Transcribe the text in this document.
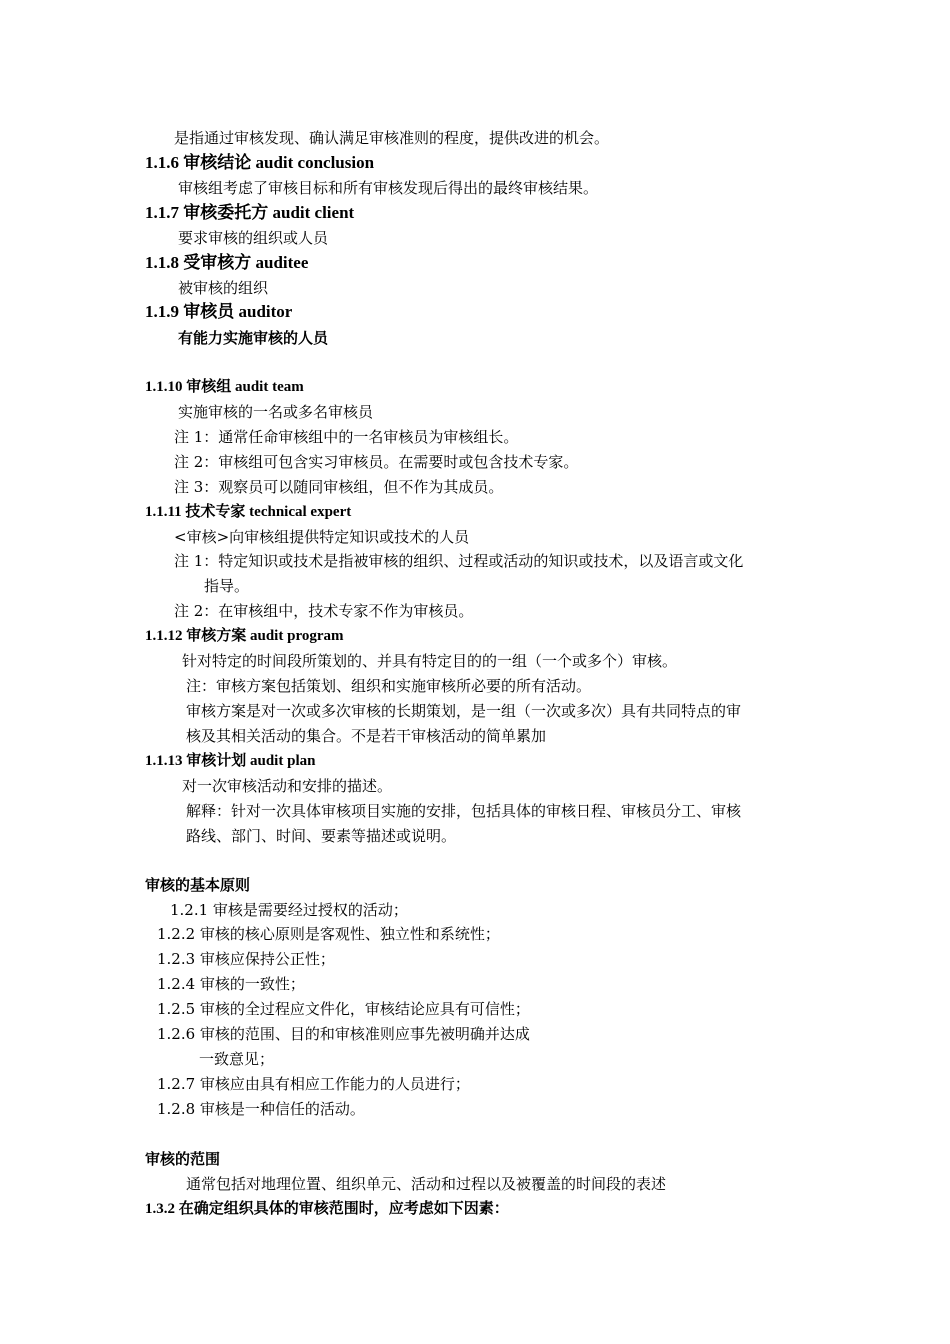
是指通过审核发现、确认满足审核准则的程度，提供改进的机会。
1.1.6 审核结论 audit conclusion
审核组考虑了审核目标和所有审核发现后得出的最终审核结果。
1.1.7 审核委托方 audit client
要求审核的组织或人员
1.1.8 受审核方 auditee
被审核的组织
1.1.9 审核员 auditor
有能力实施审核的人员
1.1.10 审核组 audit team
实施审核的一名或多名审核员
注 1：通常任命审核组中的一名审核员为审核组长。
注 2：审核组可包含实习审核员。在需要时或包含技术专家。
注 3：观察员可以随同审核组，但不作为其成员。
1.1.11 技术专家 technical expert
<审核>向审核组提供特定知识或技术的人员
注 1：特定知识或技术是指被审核的组织、过程或活动的知识或技术，以及语言或文化
指导。
注 2：在审核组中，技术专家不作为审核员。
1.1.12 审核方案 audit program
针对特定的时间段所策划的、并具有特定目的的一组（一个或多个）审核。
注：审核方案包括策划、组织和实施审核所必要的所有活动。
审核方案是对一次或多次审核的长期策划，是一组（一次或多次）具有共同特点的审
核及其相关活动的集合。不是若干审核活动的简单累加
1.1.13 审核计划 audit plan
对一次审核活动和安排的描述。
解释：针对一次具体审核项目实施的安排，包括具体的审核日程、审核员分工、审核
路线、部门、时间、要素等描述或说明。
审核的基本原则
1.2.1 审核是需要经过授权的活动；
1.2.2 审核的核心原则是客观性、独立性和系统性；
1.2.3 审核应保持公正性；
1.2.4 审核的一致性；
1.2.5 审核的全过程应文件化，审核结论应具有可信性；
1.2.6 审核的范围、目的和审核准则应事先被明确并达成
一致意见；
1.2.7 审核应由具有相应工作能力的人员进行；
1.2.8 审核是一种信任的活动。
审核的范围
通常包括对地理位置、组织单元、活动和过程以及被覆盖的时间段的表述
1.3.2 在确定组织具体的审核范围时，应考虑如下因素：
